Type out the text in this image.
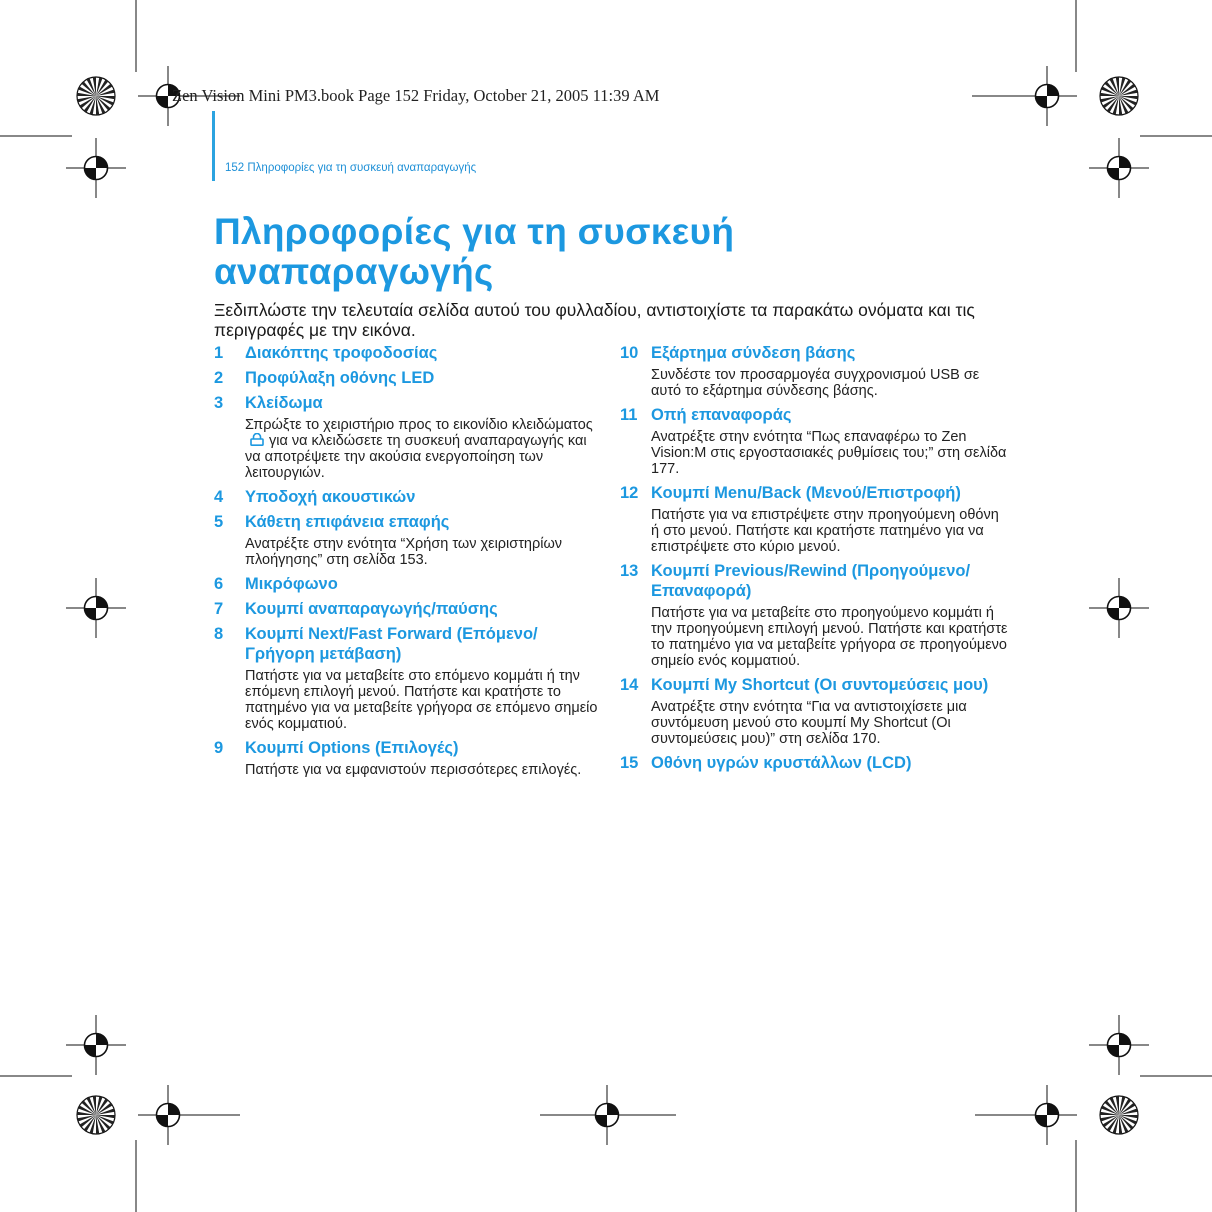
Zen Vision Mini PM3.book Page 152 Friday, October 21, 2005 11:39 AM
152 Πληροφορίες για τη συσκευή αναπαραγωγής
Πληροφορίες για τη συσκευή αναπαραγωγής

Ξεδιπλώστε την τελευταία σελίδα αυτού του φυλλαδίου, αντιστοιχίστε τα παρακάτω ονόματα και τις περιγραφές με την εικόνα.

1 Διακόπτης τροφοδοσίας

2 Προφύλαξη οθόνης LED

3 Κλείδωμα

Σπρώξτε το χειριστήριο προς το εικονίδιο κλειδώματοςγια να κλειδώσετε τη συσκευή αναπαραγωγής και να αποτρέψετε την ακούσια ενεργοποίηση των λειτουργιών.

4 Υποδοχή ακουστικών

5 Κάθετη επιφάνεια επαφής

Ανατρέξτε στην ενότητα “Χρήση των χειριστηρίων πλοήγησης” στη σελίδα 153.

6 Μικρόφωνο

7 Κουμπί αναπαραγωγής/παύσης

8 Κουμπί Next/Fast Forward (Επόμενο/Γρήγορη μετάβαση)

Πατήστε για να μεταβείτε στο επόμενο κομμάτι ή την επόμενη επιλογή μενού. Πατήστε και κρατήστε το πατημένο για να μεταβείτε γρήγορα σε επόμενο σημείο ενός κομματιού.

9 Κουμπί Options (Επιλογές)

Πατήστε για να εμφανιστούν περισσότερες επιλογές.

10 Εξάρτημα σύνδεση βάσης

Συνδέστε τον προσαρμογέα συγχρονισμού USB σε αυτό το εξάρτημα σύνδεσης βάσης.

11 Οπή επαναφοράς

Ανατρέξτε στην ενότητα “Πως επαναφέρω το Zen Vision:M στις εργοστασιακές ρυθμίσεις του;” στη σελίδα 177.

12 Κουμπί Menu/Back (Μενού/Επιστροφή)

Πατήστε για να επιστρέψετε στην προηγούμενη οθόνη ή στο μενού. Πατήστε και κρατήστε πατημένο για να επιστρέψετε στο κύριο μενού.

13 Κουμπί Previous/Rewind (Προηγούμενο/Επαναφορά)

Πατήστε για να μεταβείτε στο προηγούμενο κομμάτι ή την προηγούμενη επιλογή μενού. Πατήστε και κρατήστε το πατημένο για να μεταβείτε γρήγορα σε προηγούμενο σημείο ενός κομματιού.

14 Κουμπί My Shortcut (Οι συντομεύσεις μου)

Ανατρέξτε στην ενότητα “Για να αντιστοιχίσετε μια συντόμευση μενού στο κουμπί My Shortcut (Οι συντομεύσεις μου)” στη σελίδα 170.

15 Οθόνη υγρών κρυστάλλων (LCD)
